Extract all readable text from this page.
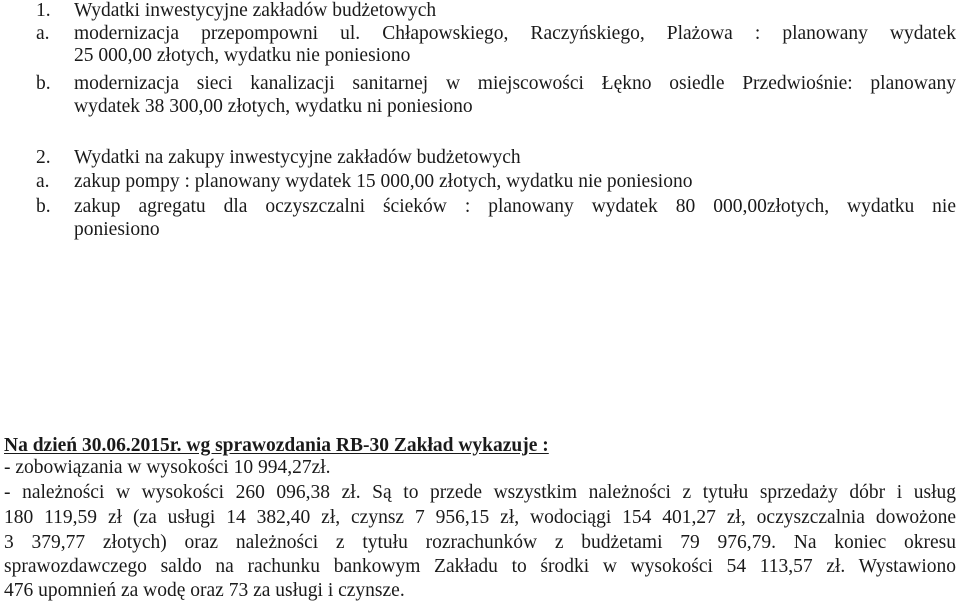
1. Wydatki inwestycyjne zakładów budżetowych
a. modernizacja przepompowni ul. Chłapowskiego, Raczyńskiego, Plażowa : planowany wydatek
25 000,00 złotych, wydatku nie poniesiono
b. modernizacja sieci kanalizacji sanitarnej w miejscowości Łękno osiedle Przedwiośnie: planowany
wydatek 38 300,00 złotych, wydatku ni poniesiono
2. Wydatki na zakupy inwestycyjne zakładów budżetowych
a. zakup pompy : planowany wydatek 15 000,00 złotych, wydatku nie poniesiono
b. zakup agregatu dla oczyszczalni ścieków : planowany wydatek 80 000,00złotych, wydatku nie
poniesiono
Na dzień 30.06.2015r. wg sprawozdania RB-30 Zakład wykazuje :
- zobowiązania w wysokości 10 994,27zł.
- należności w wysokości 260 096,38 zł. Są to przede wszystkim należności z tytułu sprzedaży dóbr i usług
180 119,59 zł (za usługi 14 382,40 zł, czynsz 7 956,15 zł, wodociągi 154 401,27 zł, oczyszczalnia dowożone
3 379,77 złotych) oraz należności z tytułu rozrachunków z budżetami 79 976,79. Na koniec okresu
sprawozdawczego saldo na rachunku bankowym Zakładu to środki w wysokości 54 113,57 zł. Wystawiono
476 upomnień za wodę oraz 73 za usługi i czynsze.
